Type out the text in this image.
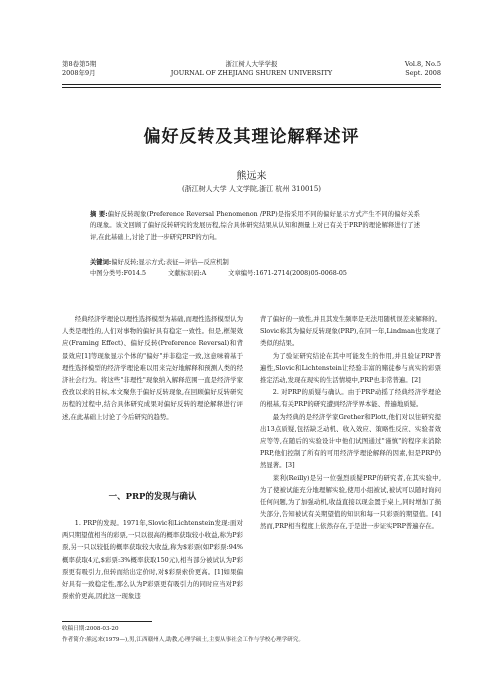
第8卷第5期
2008年9月
浙江树人大学学报
JOURNAL OF ZHEJIANG SHUREN UNIVERSITY
Vol.8, No.5
Sept. 2008
偏好反转及其理论解释述评
熊远来
(浙江树人大学 人文学院,浙江 杭州 310015)
摘 要:偏好反转现象(Preference Reversal Phenomenon /PRP)是指采用不同的偏好显示方式产生不同的偏好关系的现象。该文回顾了偏好反转研究的发展历程,综合具体研究结果从认知和测量上对已有关于PRP的理论解释进行了述评,在此基础上,讨论了进一步研究PRP的方向。
关键词:偏好反转;显示方式;表征—评估—反应机制
中图分类号:F014.5	文献标识码:A	文章编号:1671-2714(2008)05-0068-05

经典经济学理论以理性选择模型为基础,而理性选择模型认为人类是理性的,人们对事物的偏好具有稳定一致性。但是,框架效应(Framing Effect)、偏好反转(Preference Reversal)和背景效应[1]等现象显示个体的"偏好"并非稳定一致,这意味着基于理性选择模型的经济学理论难以用来完好地解释和预测人类的经济社会行为。将这些"非理性"现象纳入解释范围一直是经济学家孜孜以求的目标,本文聚焦于偏好反转现象,在回顾偏好反转研究历程的过程中,结合具体研究成果对偏好反转的理论解释进行评述,在此基础上讨论了今后研究的趋势。

一、PRP的发现与确认

1. PRP的发现。1971年,Slovic和Lichtenstein发现:面对两只期望值相当的彩票,一只以很高的概率获取较小收益,称为P彩票,另一只以较低的概率获取较大收益,称为$彩票(如P彩票:94%概率获取4元,$彩票:3%概率获取150元),相当部分被试认为P彩票更有吸引力,但转而给出定价时,对$彩票索价更高。[1]如果偏好具有一致稳定性,那么认为P彩票更有吸引力的同时应当对P彩票索价更高,因此这一现象违

背了偏好的一致性,并且其发生频率是无法用随机误差来解释的。Slovic称其为偏好反转现象(PRP),在同一年,Lindman也发现了类似的结果。

为了验证研究结论在其中可能发生的作用,并且验证PRP普遍性,Slovic和Lichtenstein让经验丰富的赌徒参与真实的彩票推定活动,发现在现实的生活情境中,PRP也非常普遍。[2]

2. 对PRP的质疑与确认。由于PRP动摇了经典经济学理论的根基,有关PRP的研究遭到经济学界本能、普遍地质疑。

最为经典的是经济学家Grether和Plott,他们对以往研究提出13点质疑,包括缺乏动机、收入效应、策略性反应、实验者效应等等,在随后的实验设计中他们试图通过"谨慎"的程序来消除PRP,他们控制了所有的可用经济学理论解释的因素,但是PRP仍然显著。[3]

莱利(Reilly)是另一位强烈质疑PRP的研究者,在其实验中,为了使被试能充分地理解实验,使用小组被试,被试可以随时询问任何问题,为了加强动机,收益直接以现金置于桌上,同时增加了损失部分,告知被试有关期望值的知识和每一只彩票的期望值。[4]然而,PRP相当程度上依然存在,于是进一步证实PRP普遍存在。

收稿日期:2008-03-20
作者简介:熊远来(1979—),男,江西赣州人,助教,心理学硕士,主要从事社会工作与学校心理学研究。
